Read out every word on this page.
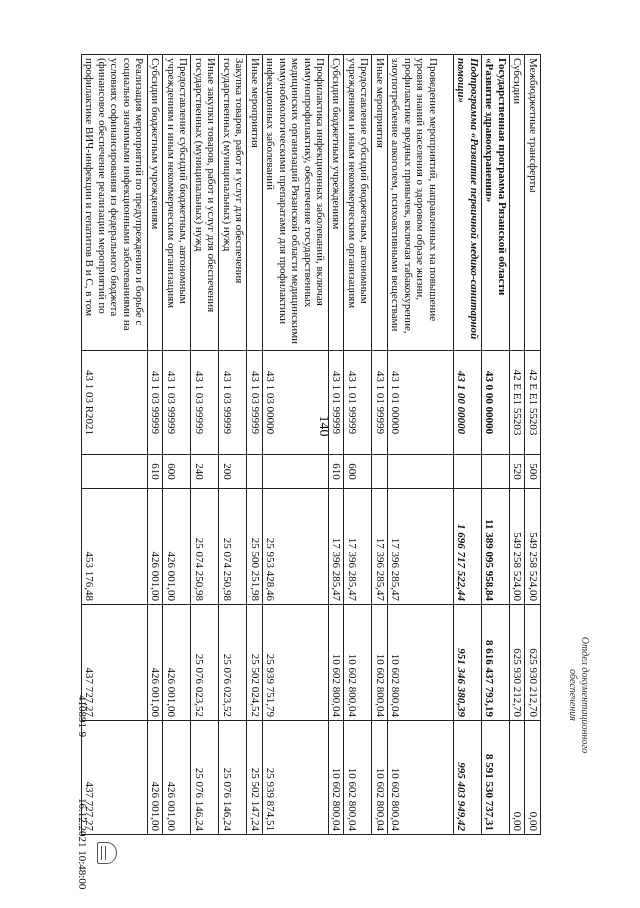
140
Отдел документационного
обеспечения
16.12.2021 10:48:00
410891-9
Межбюджетные трансферты	42 Е Е1 55203	500	549 258 524,00	625 930 212,70	0,00
Субсидии	42 Е Е1 55203	520	549 258 524,00	625 930 212,70	0,00
Государственная программа Рязанской области «Развитие здравоохранения»	43 0 00 00000		11 389 095 958,84	8 616 437 793,19	8 591 530 737,31
Подпрограмма «Развитие первичной медико-санитарной помощи»	43 1 00 00000		1 696 717 522,44	951 346 380,39	995 403 949,42
Проведение мероприятий, направленных на повышение уровня знаний населения о здоровом образе жизни, профилактике вредных привычек, включая табакокурение, злоупотребление алкоголем, психоактивными веществами	43 1 01 00000		17 396 285,47	10 602 800,04	10 602 800,04
Иные мероприятия	43 1 01 99999		17 396 285,47	10 602 800,04	10 602 800,04
Предоставление субсидий бюджетным, автономным учреждениям и иным некоммерческим организациям	43 1 01 99999	600	17 396 285,47	10 602 800,04	10 602 800,04
Субсидии бюджетным учреждениям	43 1 01 99999	610	17 396 285,47	10 602 800,04	10 602 800,04
Профилактика инфекционных заболеваний, включая иммунопрофилактику, обеспечение государственных медицинских организаций Рязанской области медицинскими иммунобиологическими препаратами для профилактики инфекционных заболеваний	43 1 03 00000		25 953 428,46	25 939 751,79	25 939 874,51
Иные мероприятия	43 1 03 99999		25 500 251,98	25 502 024,52	25 502 147,24
Закупка товаров, работ и услуг для обеспечения государственных (муниципальных) нужд	43 1 03 99999	200	25 074 250,98	25 076 023,52	25 076 146,24
Иные закупки товаров, работ и услуг для обеспечения государственных (муниципальных) нужд	43 1 03 99999	240	25 074 250,98	25 076 023,52	25 076 146,24
Предоставление субсидий бюджетным, автономным учреждениям и иным некоммерческим организациям	43 1 03 99999	600	426 001,00	426 001,00	426 001,00
Субсидии бюджетным учреждениям	43 1 03 99999	610	426 001,00	426 001,00	426 001,00
Реализация мероприятий по предупреждению и борьбе с социально значимыми инфекционными заболеваниями на условиях софинансирования из федерального бюджета (финансовое обеспечение реализации мероприятий по профилактике ВИЧ-инфекции и гепатитов В и С, в том	43 1 03 R2021		453 176,48	437 727,27	437 727,27
